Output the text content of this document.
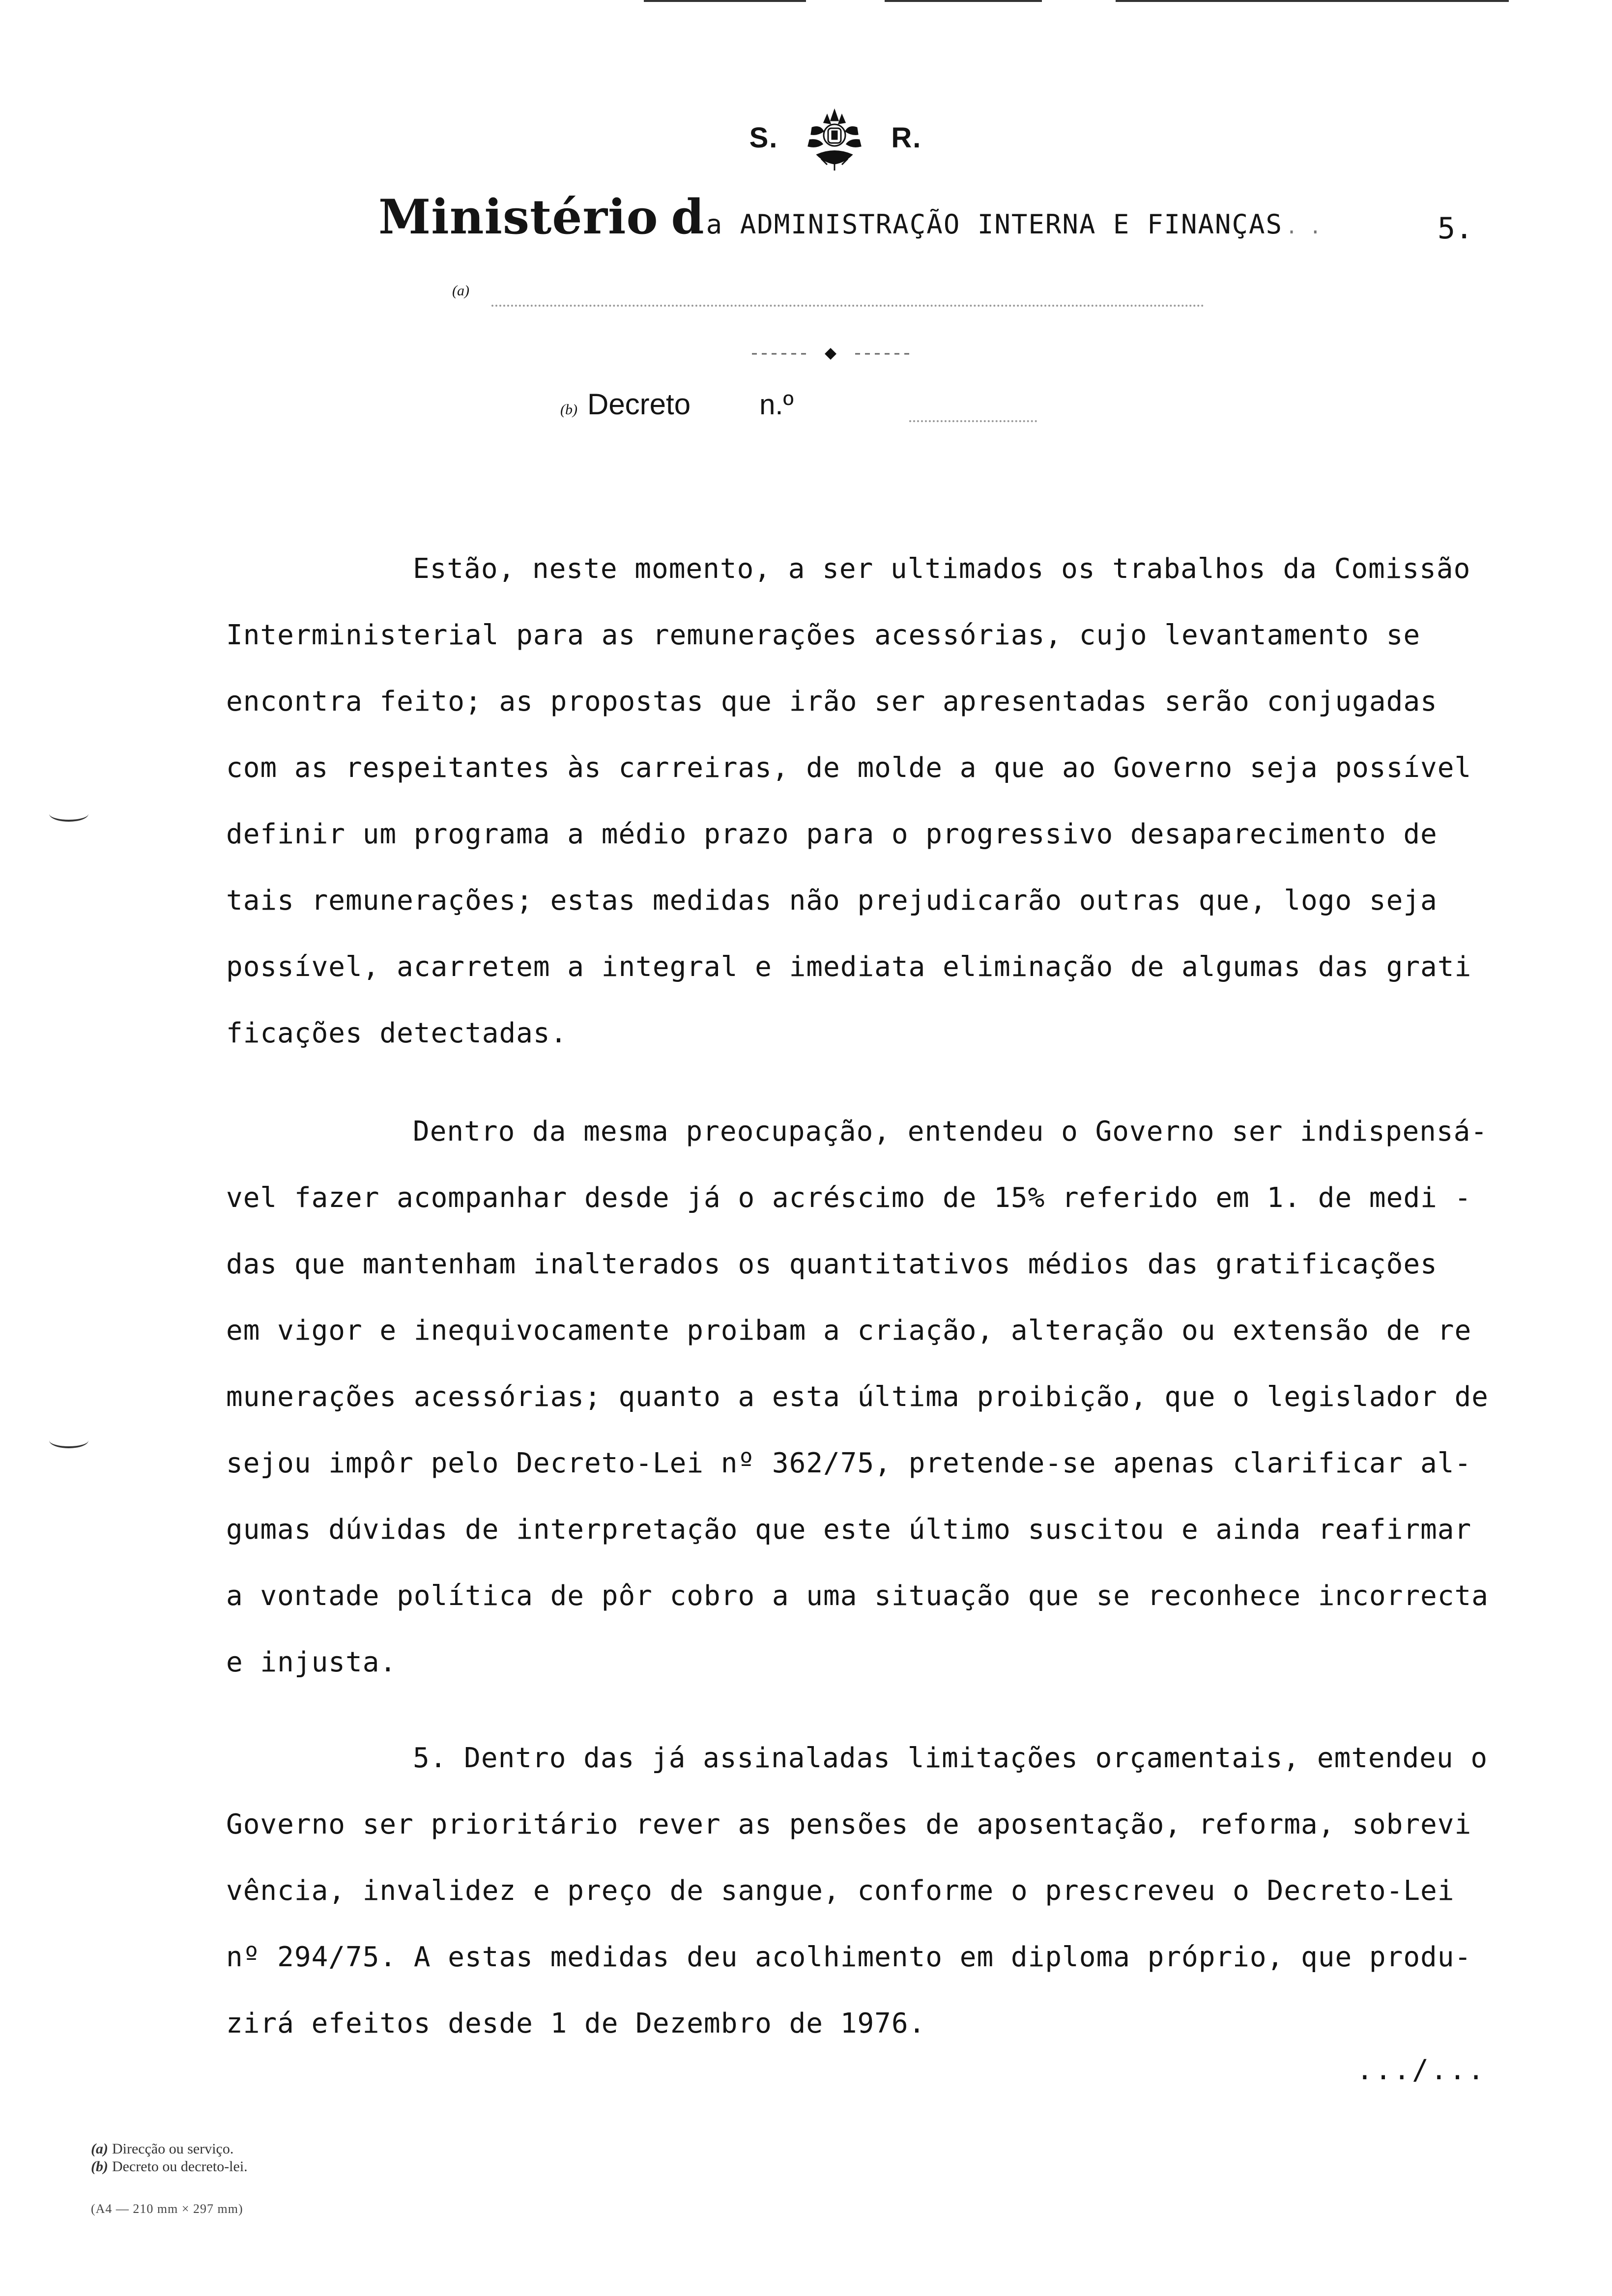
S.	R.
Ministério d a ADMINISTRAÇÃO INTERNA E FINANÇAS . .	5.
(a)
(b) Decreto n.º
Estão, neste momento, a ser ultimados os trabalhos da Comissão
Interministerial para as remunerações acessórias, cujo levantamento se
encontra feito; as propostas que irão ser apresentadas serão conjugadas
com as respeitantes às carreiras, de molde a que ao Governo seja possível
definir um programa a médio prazo para o progressivo desaparecimento de
tais remunerações; estas medidas não prejudicarão outras que, logo seja
possível, acarretem a integral e imediata eliminação de algumas das grati
ficações detectadas.
Dentro da mesma preocupação, entendeu o Governo ser indispensá-
vel fazer acompanhar desde já o acréscimo de 15% referido em 1. de medi -
das que mantenham inalterados os quantitativos médios das gratificações
em vigor e inequivocamente proibam a criação, alteração ou extensão de re
munerações acessórias; quanto a esta última proibição, que o legislador de
sejou impôr pelo Decreto-Lei nº 362/75, pretende-se apenas clarificar al-
gumas dúvidas de interpretação que este último suscitou e ainda reafirmar
a vontade política de pôr cobro a uma situação que se reconhece incorrecta
e injusta.
5. Dentro das já assinaladas limitações orçamentais, emtendeu o
Governo ser prioritário rever as pensões de aposentação, reforma, sobrevi
vência, invalidez e preço de sangue, conforme o prescreveu o Decreto-Lei
nº 294/75. A estas medidas deu acolhimento em diploma próprio, que produ-
zirá efeitos desde 1 de Dezembro de 1976.
.../...
(a) Direcção ou serviço.
(b) Decreto ou decreto-lei.
(A4 — 210 mm × 297 mm)
